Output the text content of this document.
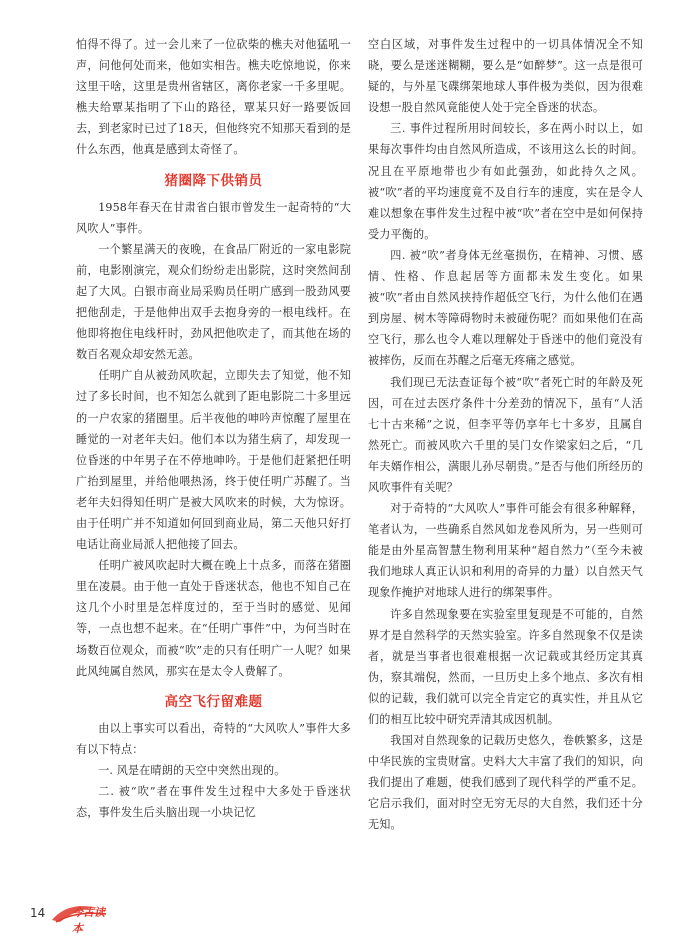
怕得不得了。过一会儿来了一位砍柴的樵夫对他猛吼一声，问他何处而来，他如实相告。樵夫吃惊地说，你来这里干啥，这里是贵州省辖区，离你老家一千多里呢。樵夫给覃某指明了下山的路径，覃某只好一路要饭回去，到老家时已过了18天，但他终究不知那天看到的是什么东西，他真是感到太奇怪了。

猪圈降下供销员

1958年春天在甘肃省白银市曾发生一起奇特的“大风吹人”事件。

一个繁星满天的夜晚，在食品厂附近的一家电影院前，电影刚演完，观众们纷纷走出影院，这时突然间刮起了大风。白银市商业局采购员任明广感到一股劲风要把他刮走，于是他伸出双手去抱身旁的一根电线杆。在他即将抱住电线杆时，劲风把他吹走了，而其他在场的数百名观众却安然无恙。

任明广自从被劲风吹起，立即失去了知觉，他不知过了多长时间，也不知怎么就到了距电影院二十多里远的一户农家的猪圈里。后半夜他的呻吟声惊醒了屋里在睡觉的一对老年夫妇。他们本以为猪生病了，却发现一位昏迷的中年男子在不停地呻吟。于是他们赶紧把任明广抬到屋里，并给他喂热汤，终于使任明广苏醒了。当老年夫妇得知任明广是被大风吹来的时候，大为惊讶。由于任明广并不知道如何回到商业局，第二天他只好打电话让商业局派人把他接了回去。

任明广被风吹起时大概在晚上十点多，而落在猪圈里在凌晨。由于他一直处于昏迷状态，他也不知自己在这几个小时里是怎样度过的，至于当时的感觉、见闻等，一点也想不起来。在“任明广事件”中，为何当时在场数百位观众，而被“吹”走的只有任明广一人呢？如果此风纯属自然风，那实在是太令人费解了。

高空飞行留难题

由以上事实可以看出，奇特的“大风吹人”事件大多有以下特点：

一. 风是在晴朗的天空中突然出现的。

二. 被“吹”者在事件发生过程中大多处于昏迷状态，事件发生后头脑出现一小块记忆

空白区域，对事件发生过程中的一切具体情况全不知晓，要么是迷迷糊糊，要么是“如醉梦”。这一点是很可疑的，与外星飞碟绑架地球人事件极为类似，因为很难设想一股自然风竟能使人处于完全昏迷的状态。

三. 事件过程所用时间较长，多在两小时以上，如果每次事件均由自然风所造成，不该用这么长的时间。况且在平原地带也少有如此强劲，如此持久之风。被“吹”者的平均速度竟不及自行车的速度，实在是令人难以想象在事件发生过程中被“吹”者在空中是如何保持受力平衡的。

四. 被“吹”者身体无丝毫损伤，在精神、习惯、感情、性格、作息起居等方面都未发生变化。如果被“吹”者由自然风挟持作超低空飞行，为什么他们在遇到房屋、树木等障碍物时未被碰伤呢？而如果他们在高空飞行，那么也令人难以理解处于昏迷中的他们竟没有被摔伤，反而在苏醒之后毫无疼痛之感觉。

我们现已无法查证每个被“吹”者死亡时的年龄及死因，可在过去医疗条件十分差劲的情况下，虽有“人活七十古来稀”之说，但李平等仍享年七十多岁，且属自然死亡。而被风吹六千里的吴门女作梁家妇之后，“几年夫婿作相公，满眼儿孙尽朝贵。”是否与他们所经历的风吹事件有关呢？

对于奇特的“大风吹人”事件可能会有很多种解释，笔者认为，一些确系自然风如龙卷风所为，另一些则可能是由外星高智慧生物利用某种“超自然力”（至今未被我们地球人真正认识和利用的奇异的力量）以自然天气现象作掩护对地球人进行的绑架事件。

许多自然现象要在实验室里复现是不可能的，自然界才是自然科学的天然实验室。许多自然现象不仅是读者，就是当事者也很难根据一次记载或其经历定其真伪，察其端倪，然而，一旦历史上多个地点、多次有相似的记载，我们就可以完全肯定它的真实性，并且从它们的相互比较中研究弄清其成因机制。

我国对自然现象的记载历史悠久，卷帙繁多，这是中华民族的宝贵财富。史料大大丰富了我们的知识，向我们提出了难题，使我们感到了现代科学的严重不足。它启示我们，面对时空无穷无尽的大自然，我们还十分无知。

14 今古读本
